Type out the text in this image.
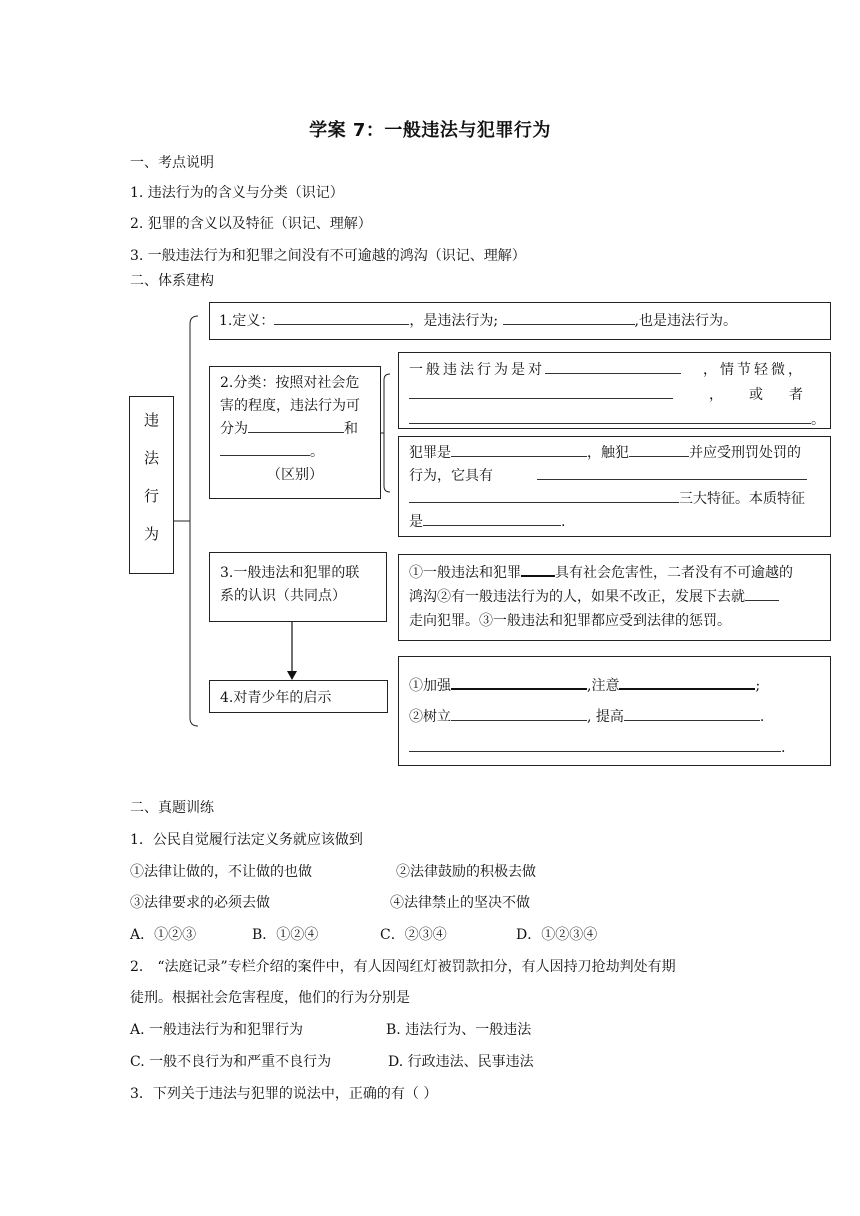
学案 7：一般违法与犯罪行为
一、考点说明
1. 违法行为的含义与分类（识记）
2. 犯罪的含义以及特征（识记、理解）
3. 一般违法行为和犯罪之间没有不可逾越的鸿沟（识记、理解）
二、体系建构
违
法
行
为
1.定义：	，是违法行为;	,也是违法行为。
2.分类：按照对社会危
害的程度，违法行为可
分为	和
。
（区别）
一般违法行为是对	，情节轻微，
，或者
。
犯罪是	，触犯	并应受刑罚处罚的
行为，它具有
三大特征。本质特征
是	.
3.一般违法和犯罪的联
系的认识（共同点）
①一般违法和犯罪 具有社会危害性，二者没有不可逾越的
鸿沟②有一般违法行为的人，如果不改正，发展下去就
走向犯罪。③一般违法和犯罪都应受到法律的惩罚。
4.对青少年的启示
①加强	,注意	;
②树立	, 提高	.
.
二、真题训练
1．公民自觉履行法定义务就应该做到
①法律让做的，不让做的也做	②法律鼓励的积极去做
③法律要求的必须去做	④法律禁止的坚决不做
A．①②③	B．①②④	C．②③④	D．①②③④
2． “法庭记录”专栏介绍的案件中，有人因闯红灯被罚款扣分，有人因持刀抢劫判处有期
徒刑。根据社会危害程度，他们的行为分别是
A. 一般违法行为和犯罪行为	B. 违法行为、一般违法
C. 一般不良行为和严重不良行为	D. 行政违法、民事违法
3．下列关于违法与犯罪的说法中，正确的有（ ）
